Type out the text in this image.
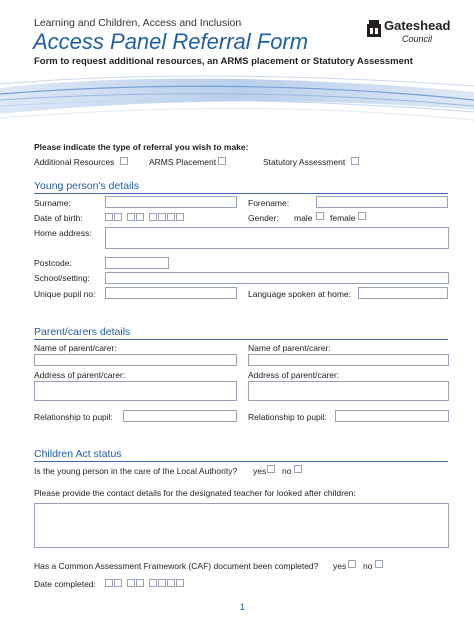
Learning and Children, Access and Inclusion
Access Panel Referral Form
Form to request additional resources, an ARMS placement or Statutory Assessment
Gateshead
Council
Please indicate the type of referral you wish to make:
Additional Resources	ARMS Placement	Statutory Assessment
Young person's details
Surname:	Forename:
Date of birth:	Gender: male female
Home address:
Postcode:
School/setting:
Unique pupil no:	Language spoken at home:
Parent/carers details
Name of parent/carer:	Name of parent/carer:
Address of parent/carer:	Address of parent/carer:
Relationship to pupil:	Relationship to pupil:
Children Act status
Is the young person in the care of the Local Authority? yes no
Please provide the contact details for the designated teacher for looked after children:
Has a Common Assessment Framework (CAF) document been completed? yes no
Date completed:
1
